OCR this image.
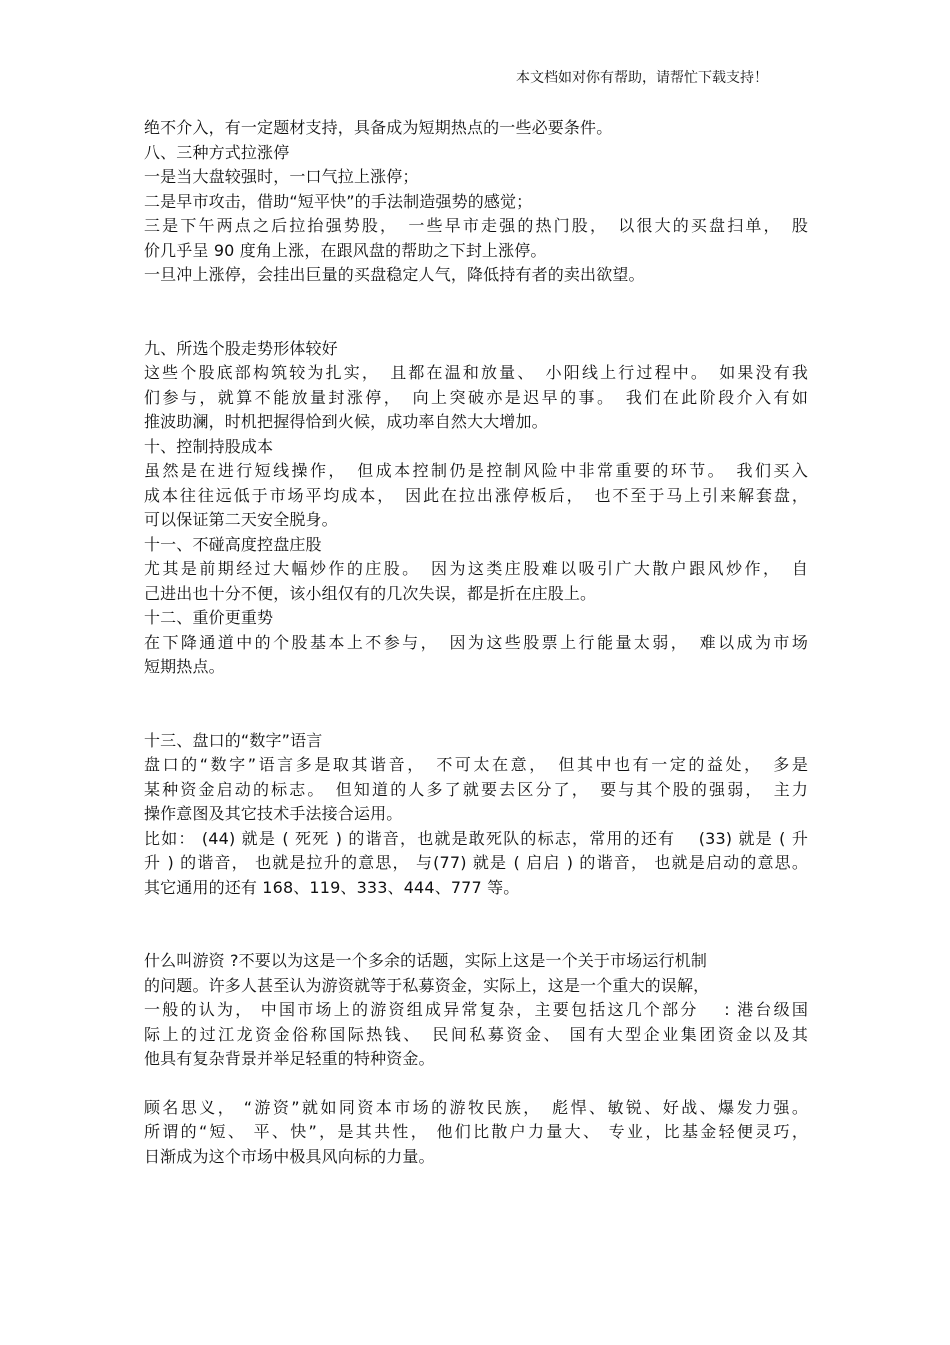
本文档如对你有帮助，请帮忙下载支持！
绝不介入，有一定题材支持，具备成为短期热点的一些必要条件。
八、三种方式拉涨停
一是当大盘较强时，一口气拉上涨停；
二是早市攻击，借助“短平快”的手法制造强势的感觉；
三是下午两点之后拉抬强势股，　一些早市走强的热门股，　以很大的买盘扫单，　股
价几乎呈 90 度角上涨，在跟风盘的帮助之下封上涨停。
一旦冲上涨停，会挂出巨量的买盘稳定人气，降低持有者的卖出欲望。
九、所选个股走势形体较好
这些个股底部构筑较为扎实，　且都在温和放量、　小阳线上行过程中。　如果没有我
们参与，就算不能放量封涨停，　向上突破亦是迟早的事。　我们在此阶段介入有如
推波助澜，时机把握得恰到火候，成功率自然大大增加。
十、控制持股成本
虽然是在进行短线操作，　但成本控制仍是控制风险中非常重要的环节。　我们买入
成本往往远低于市场平均成本，　因此在拉出涨停板后，　也不至于马上引来解套盘，
可以保证第二天安全脱身。
十一、不碰高度控盘庄股
尤其是前期经过大幅炒作的庄股。　因为这类庄股难以吸引广大散户跟风炒作，　自
己进出也十分不便，该小组仅有的几次失误，都是折在庄股上。
十二、重价更重势
在下降通道中的个股基本上不参与，　因为这些股票上行能量太弱，　难以成为市场
短期热点。
十三、盘口的“数字”语言
盘口的“数字”语言多是取其谐音，　不可太在意，　但其中也有一定的益处，　多是
某种资金启动的标志。　但知道的人多了就要去区分了，　要与其个股的强弱，　主力
操作意图及其它技术手法接合运用。
比如： (44) 就是 ( 死死 ) 的谐音，也就是敢死队的标志，常用的还有　 (33) 就是 ( 升
升 ) 的谐音， 也就是拉升的意思， 与(77) 就是 ( 启启 ) 的谐音， 也就是启动的意思。
其它通用的还有 168、119、333、444、777 等。
什么叫游资 ?不要以为这是一个多余的话题，实际上这是一个关于市场运行机制
的问题。许多人甚至认为游资就等于私募资金，实际上，这是一个重大的误解，
一般的认为， 中国市场上的游资组成异常复杂，主要包括这几个部分　 : 港台级国
际上的过江龙资金俗称国际热钱、　民间私募资金、 国有大型企业集团资金以及其
他具有复杂背景并举足轻重的特种资金。
顾名思义， “游资”就如同资本市场的游牧民族，　彪悍、敏锐、好战、爆发力强。
所谓的“短、 平、快”，是其共性， 他们比散户力量大、 专业，比基金轻便灵巧，
日渐成为这个市场中极具风向标的力量。
